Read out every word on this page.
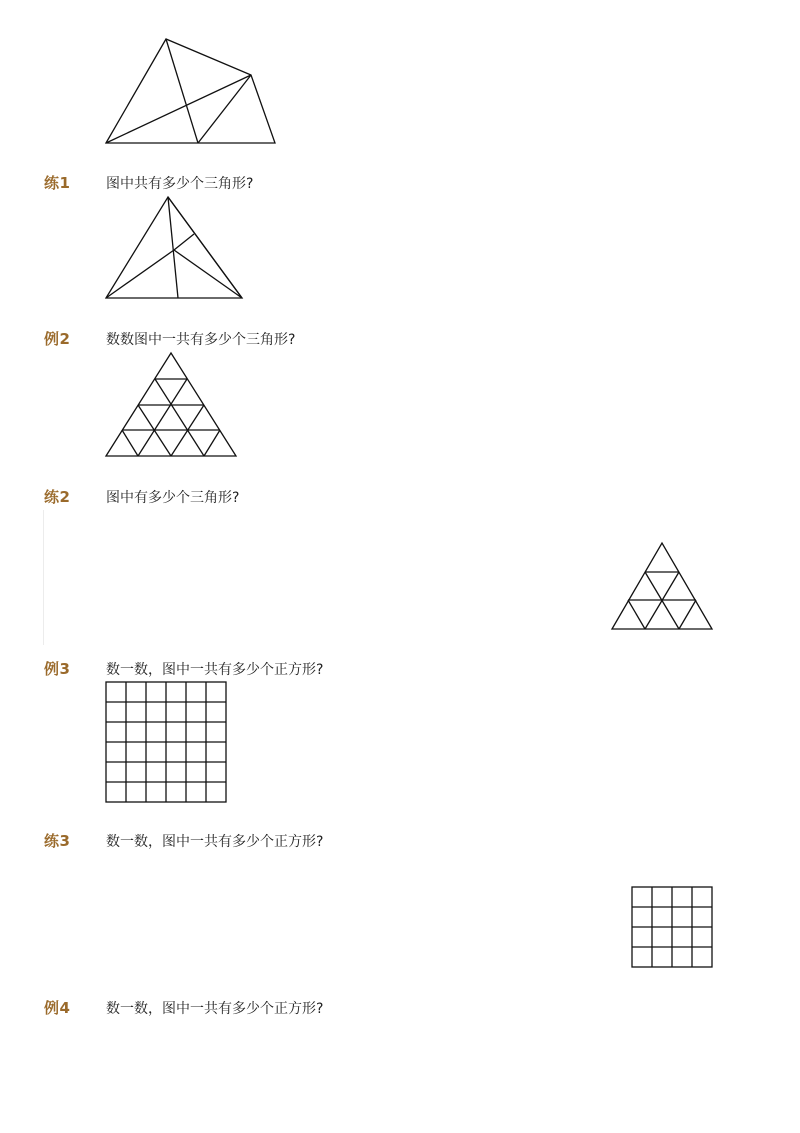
练1	图中共有多少个三角形?
例2	数数图中一共有多少个三角形?
练2	图中有多少个三角形?
例3	数一数，图中一共有多少个正方形?
练3	数一数，图中一共有多少个正方形?
例4	数一数，图中一共有多少个正方形?
